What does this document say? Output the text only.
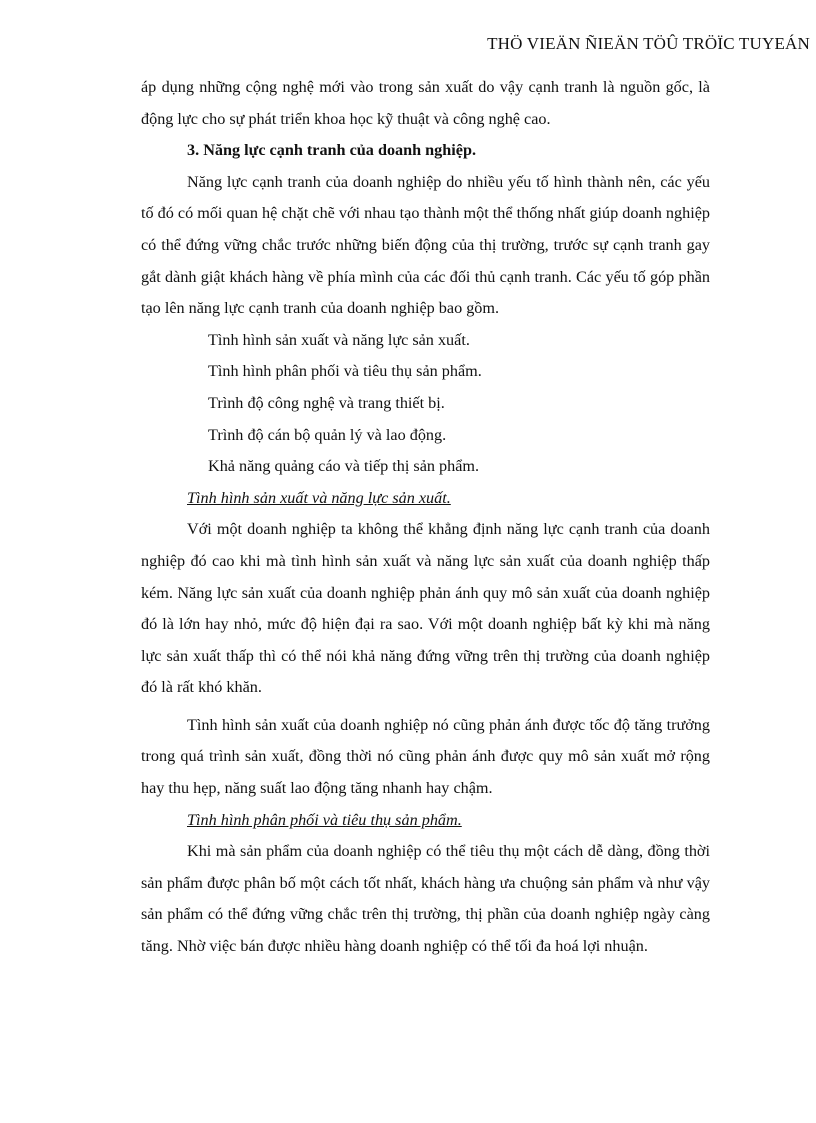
THÖ VIEÄN ÑIEÄN TÖÛ TRÖÏC TUYEÁN

áp dụng những cộng nghệ mới vào trong sản xuất do vậy cạnh tranh là nguồn gốc, là động lực cho sự phát triển khoa học kỹ thuật và công nghệ cao.

3. Năng lực cạnh tranh của doanh nghiệp.

Năng lực cạnh tranh của doanh nghiệp do nhiều yếu tố hình thành nên, các yếu tố đó có mối quan hệ chặt chẽ với nhau tạo thành một thể thống nhất giúp doanh nghiệp có thể đứng vững chắc trước những biến động của thị trường, trước sự cạnh tranh gay gắt dành giật khách hàng về phía mình của các đối thủ cạnh tranh. Các yếu tố góp phần tạo lên năng lực cạnh tranh của doanh nghiệp bao gồm.

Tình hình sản xuất và năng lực sản xuất.
Tình hình phân phối và tiêu thụ sản phẩm.
Trình độ công nghệ và trang thiết bị.
Trình độ cán bộ quản lý và lao động.
Khả năng quảng cáo và tiếp thị sản phẩm.

Tình hình sản xuất và năng lực sản xuất.

Với một doanh nghiệp ta không thể khẳng định năng lực cạnh tranh của doanh nghiệp đó cao khi mà tình hình sản xuất và năng lực sản xuất của doanh nghiệp thấp kém. Năng lực sản xuất của doanh nghiệp phản ánh quy mô sản xuất của doanh nghiệp đó là lớn hay nhỏ, mức độ hiện đại ra sao. Với một doanh nghiệp bất kỳ khi mà năng lực sản xuất thấp thì có thể nói khả năng đứng vững trên thị trường của doanh nghiệp đó là rất khó khăn.

Tình hình sản xuất của doanh nghiệp nó cũng phản ánh được tốc độ tăng trưởng trong quá trình sản xuất, đồng thời nó cũng phản ánh được quy mô sản xuất mở rộng hay thu hẹp, năng suất lao động tăng nhanh hay chậm.

Tình hình phân phối và tiêu thụ sản phẩm.

Khi mà sản phẩm của doanh nghiệp có thể tiêu thụ một cách dễ dàng, đồng thời sản phẩm được phân bố một cách tốt nhất, khách hàng ưa chuộng sản phẩm và như vậy sản phẩm có thể đứng vững chắc trên thị trường, thị phần của doanh nghiệp ngày càng tăng. Nhờ việc bán được nhiều hàng doanh nghiệp có thể tối đa hoá lợi nhuận.
